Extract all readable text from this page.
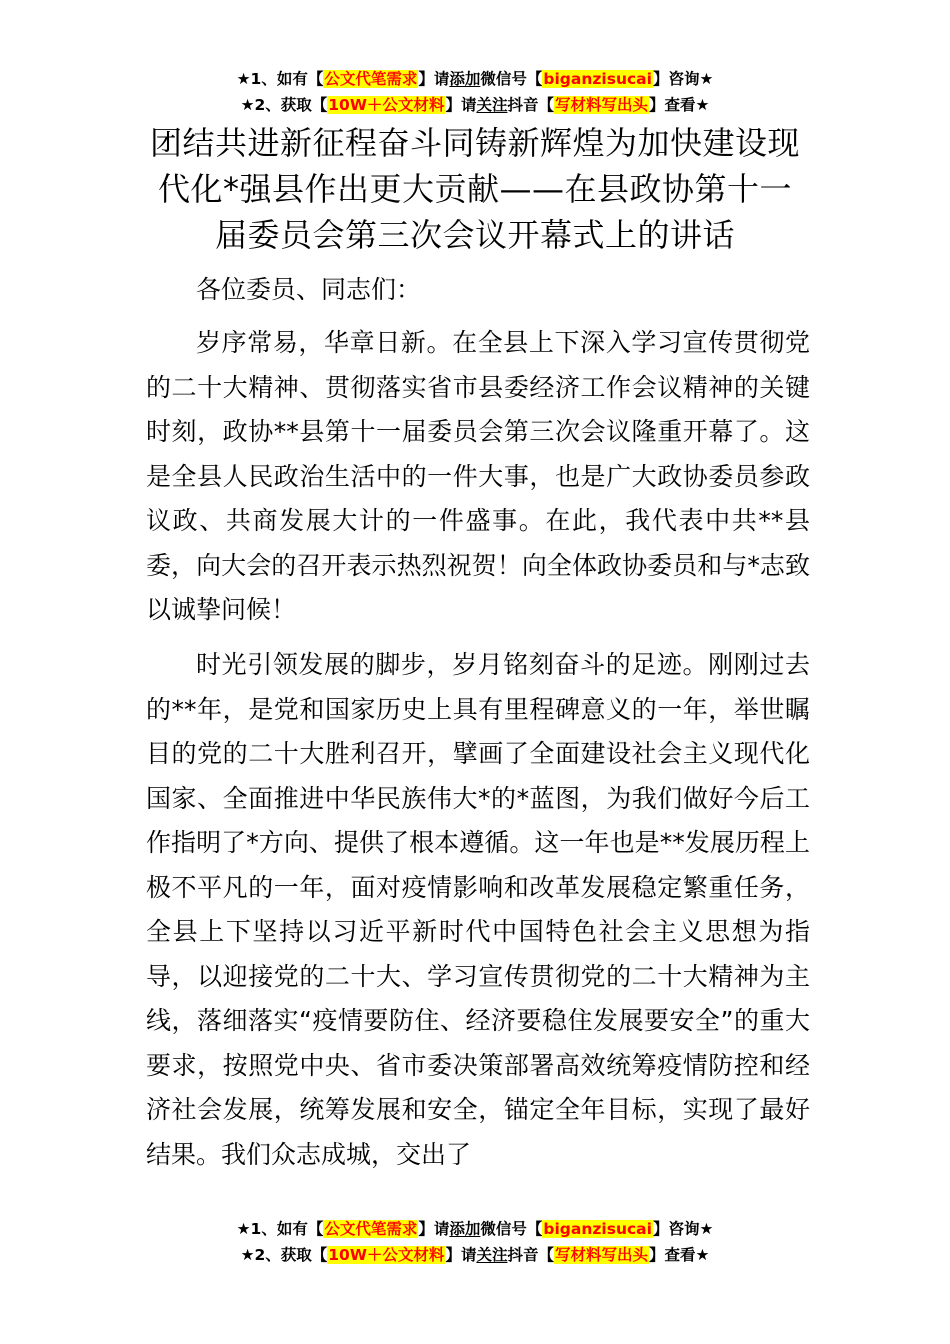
★1、如有【公文代笔需求】请添加微信号【biganzisucai】咨询★
★2、获取【10W＋公文材料】请关注抖音【写材料写出头】查看★
团结共进新征程奋斗同铸新辉煌为加快建设现代化*强县作出更大贡献——在县政协第十一届委员会第三次会议开幕式上的讲话

各位委员、同志们：

岁序常易，华章日新。在全县上下深入学习宣传贯彻党的二十大精神、贯彻落实省市县委经济工作会议精神的关键时刻，政协**县第十一届委员会第三次会议隆重开幕了。这是全县人民政治生活中的一件大事，也是广大政协委员参政议政、共商发展大计的一件盛事。在此，我代表中共**县委，向大会的召开表示热烈祝贺！向全体政协委员和与*志致以诚挚问候！

时光引领发展的脚步，岁月铭刻奋斗的足迹。刚刚过去的**年，是党和国家历史上具有里程碑意义的一年，举世瞩目的党的二十大胜利召开，擘画了全面建设社会主义现代化国家、全面推进中华民族伟大*的*蓝图，为我们做好今后工作指明了*方向、提供了根本遵循。这一年也是**发展历程上极不平凡的一年，面对疫情影响和改革发展稳定繁重任务，全县上下坚持以习近平新时代中国特色社会主义思想为指导，以迎接党的二十大、学习宣传贯彻党的二十大精神为主线，落细落实“疫情要防住、经济要稳住发展要安全”的重大要求，按照党中央、省市委决策部署高效统筹疫情防控和经济社会发展，统筹发展和安全，锚定全年目标，实现了最好结果。我们众志成城，交出了

★1、如有【公文代笔需求】请添加微信号【biganzisucai】咨询★
★2、获取【10W＋公文材料】请关注抖音【写材料写出头】查看★
